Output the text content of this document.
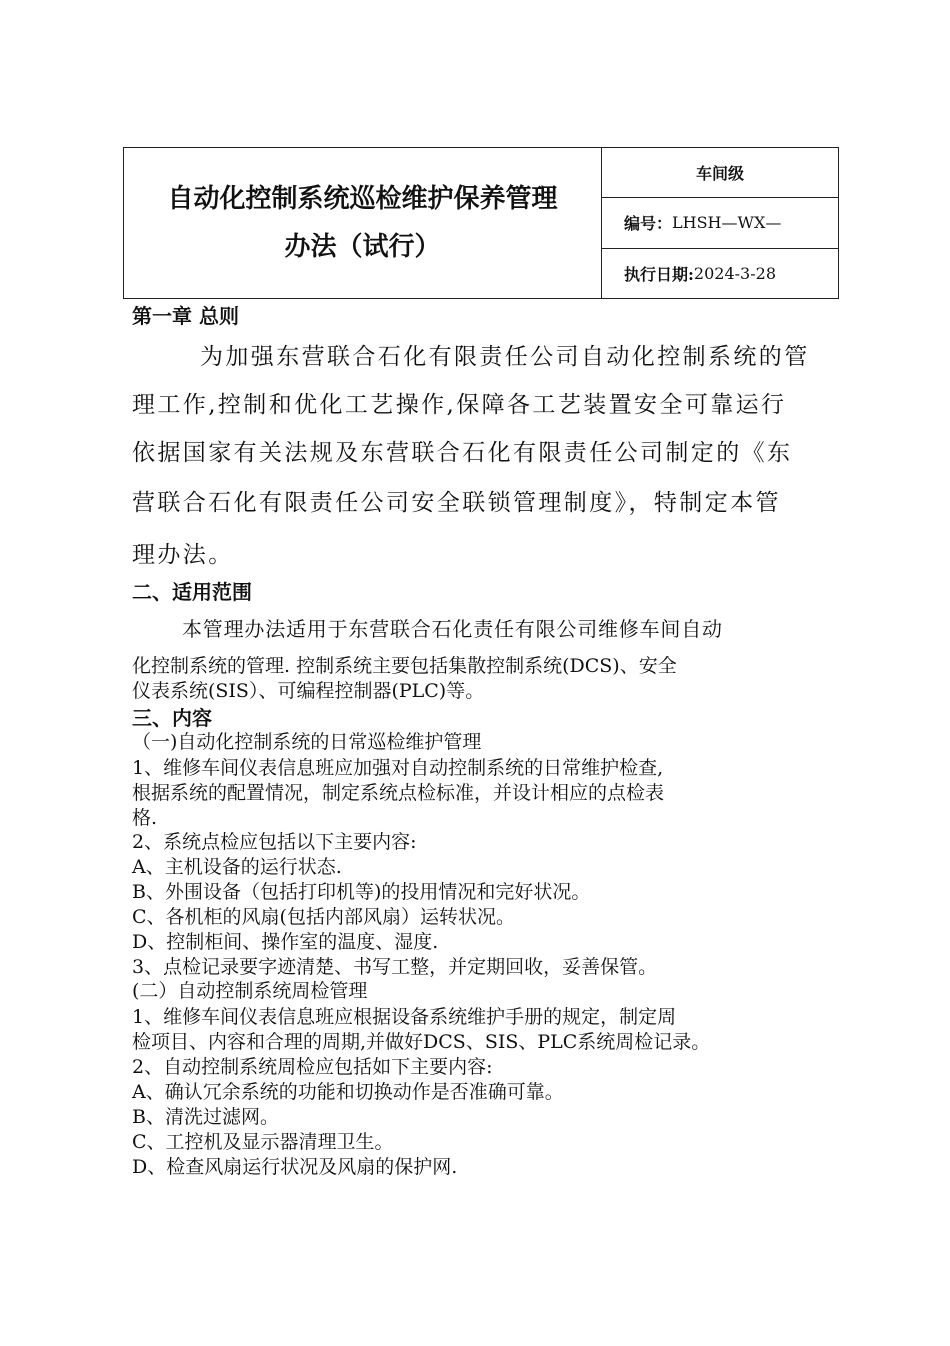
自动化控制系统巡检维护保养管理
办法（试行）

车间级
编号： LHSH—WX—
执行日期: 2024-3-28

第一章 总则

为加强东营联合石化有限责任公司自动化控制系统的管

理工作,控制和优化工艺操作,保障各工艺装置安全可靠运行

依据国家有关法规及东营联合石化有限责任公司制定的《东

营联合石化有限责任公司安全联锁管理制度》，特制定本管

理办法。

二、适用范围

本管理办法适用于东营联合石化责任有限公司维修车间自动

化控制系统的管理. 控制系统主要包括集散控制系统(DCS)、安全

仪表系统(SIS）、可编程控制器(PLC)等。

三、内容

（一)自动化控制系统的日常巡检维护管理

1、维修车间仪表信息班应加强对自动控制系统的日常维护检查,

根据系统的配置情况，制定系统点检标准，并设计相应的点检表

格.

2、系统点检应包括以下主要内容:

A、主机设备的运行状态.

B、外围设备（包括打印机等)的投用情况和完好状况。

C、各机柜的风扇(包括内部风扇）运转状况。

D、控制柜间、操作室的温度、湿度.

3、点检记录要字迹清楚、书写工整，并定期回收，妥善保管。

(二）自动控制系统周检管理

1、维修车间仪表信息班应根据设备系统维护手册的规定，制定周

检项目、内容和合理的周期,并做好DCS、SIS、PLC系统周检记录。

2、自动控制系统周检应包括如下主要内容:

A、确认冗余系统的功能和切换动作是否准确可靠。

B、清洗过滤网。

C、工控机及显示器清理卫生。

D、检查风扇运行状况及风扇的保护网.
